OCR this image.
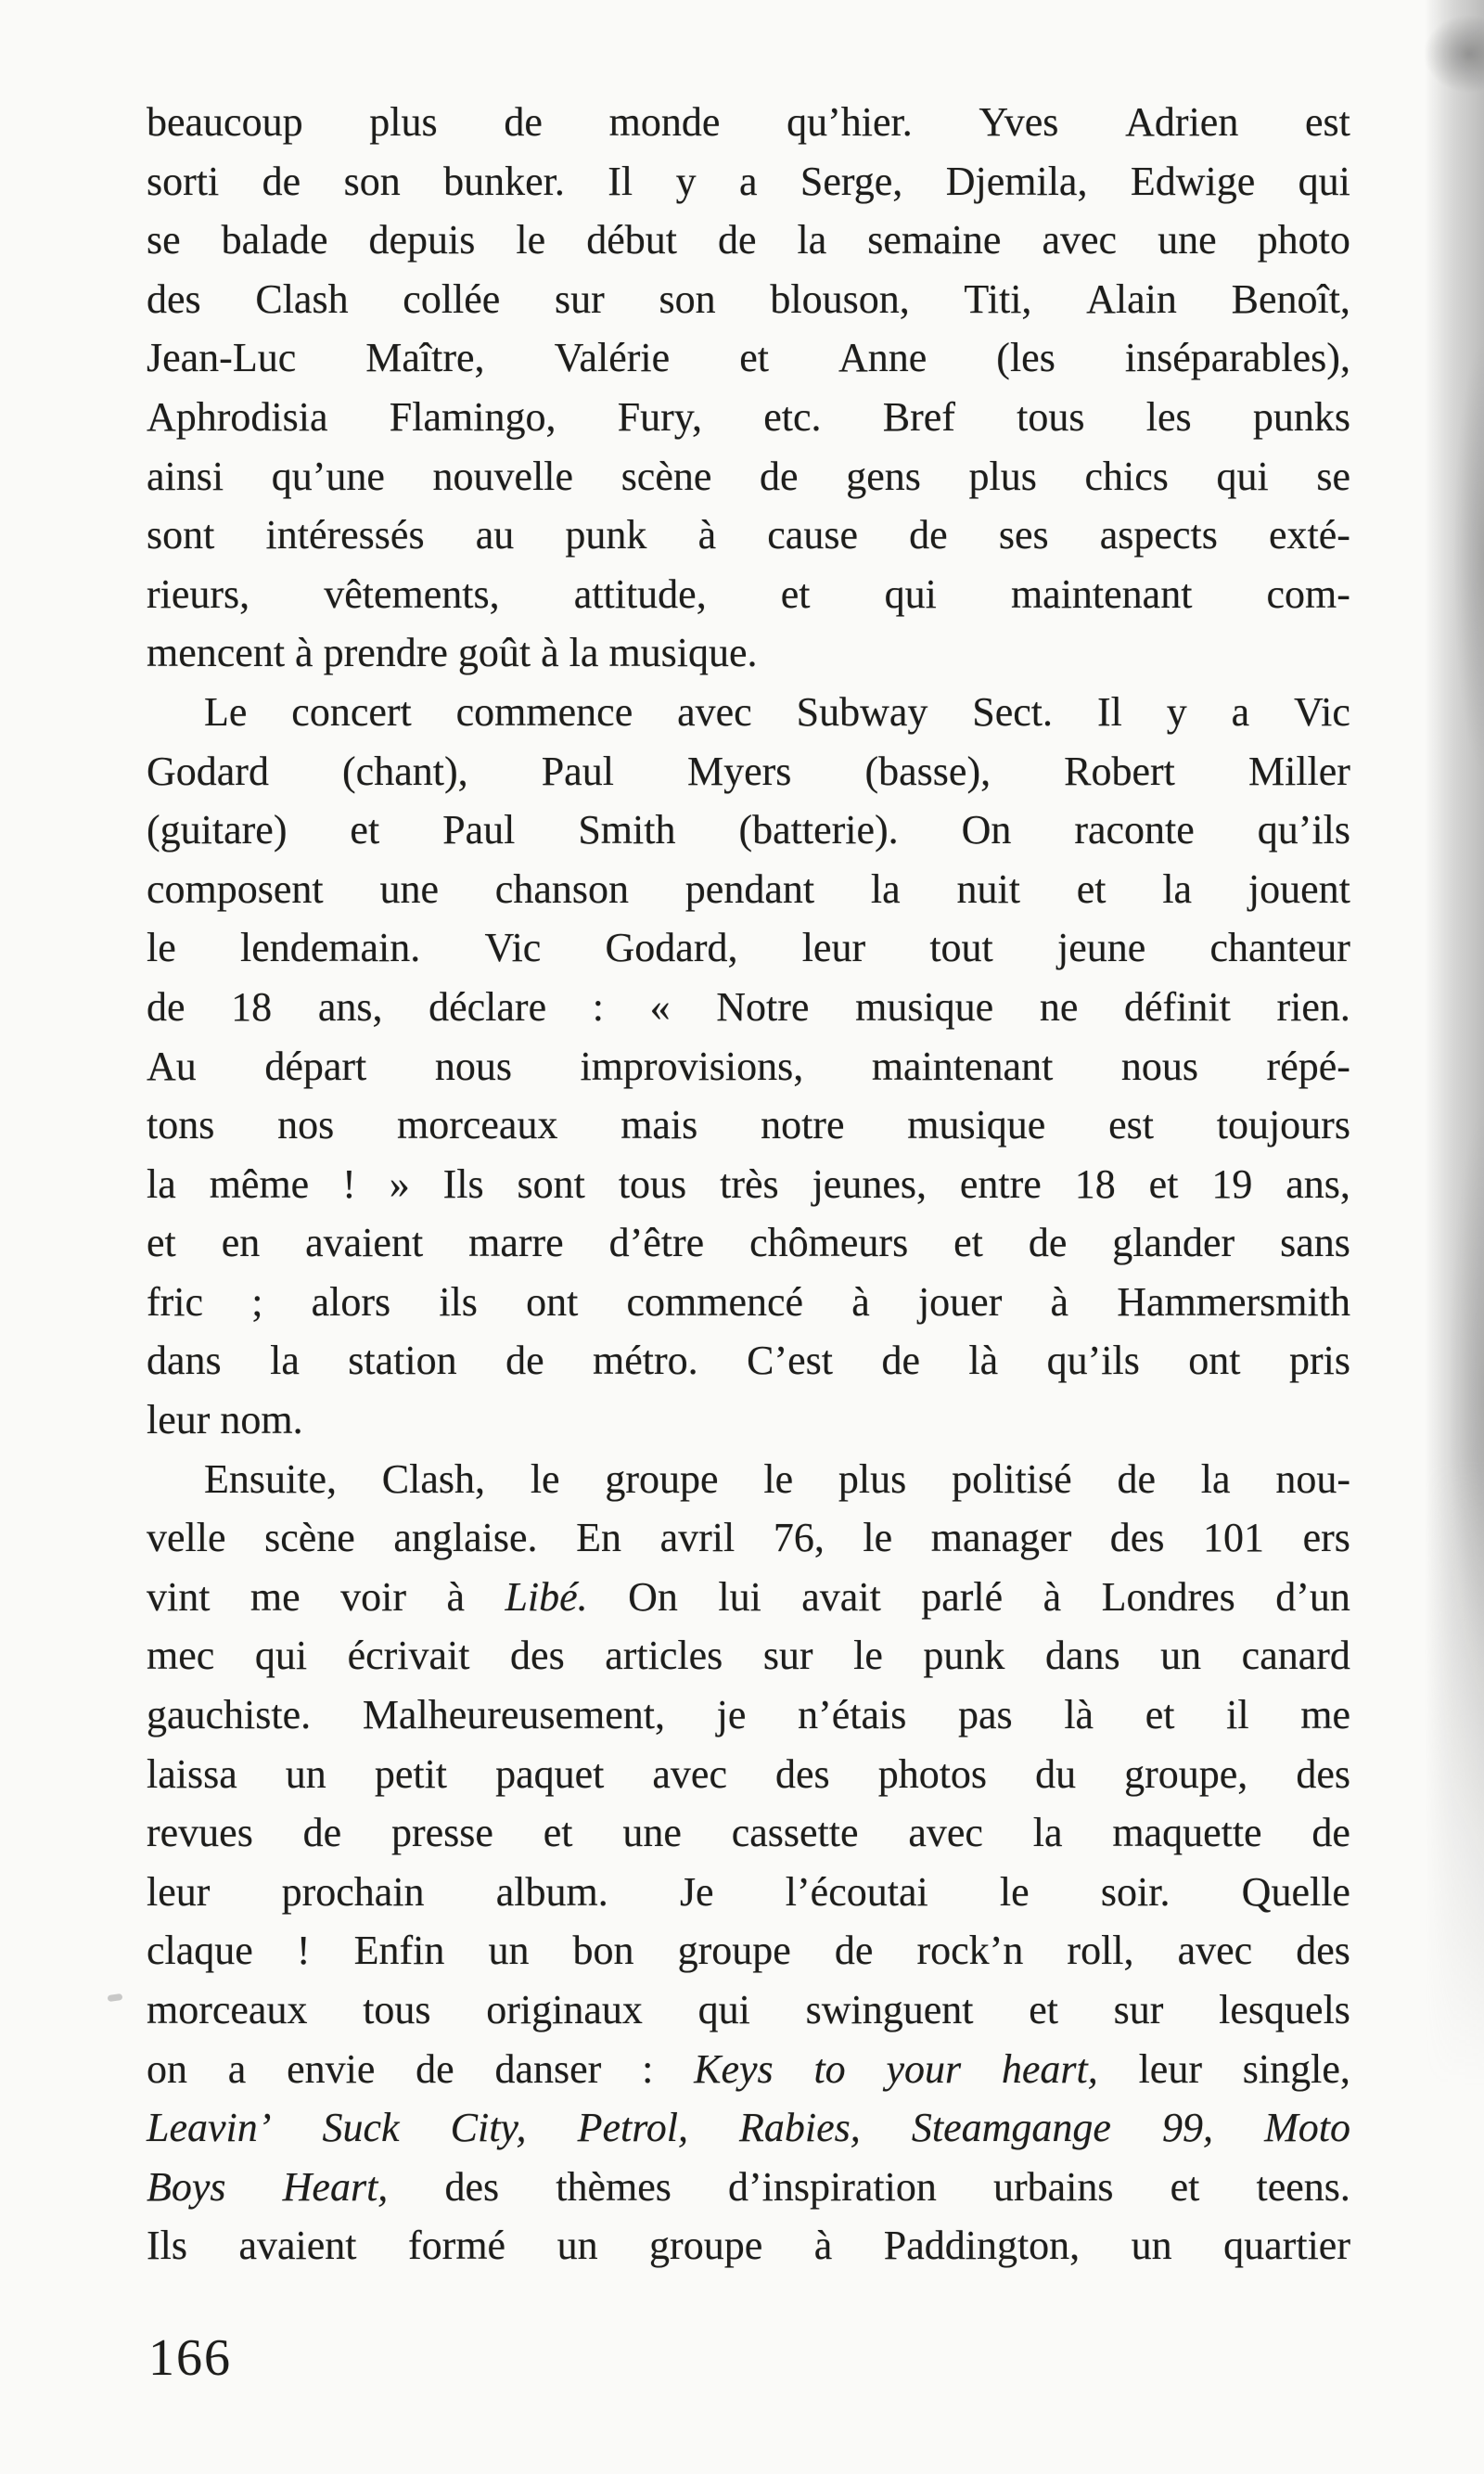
beaucoup plus de monde qu’hier. Yves Adrien est
sorti de son bunker. Il y a Serge, Djemila, Edwige qui
se balade depuis le début de la semaine avec une photo
des Clash collée sur son blouson, Titi, Alain Benoît,
Jean-Luc Maître, Valérie et Anne (les inséparables),
Aphrodisia Flamingo, Fury, etc. Bref tous les punks
ainsi qu’une nouvelle scène de gens plus chics qui se
sont intéressés au punk à cause de ses aspects exté-
rieurs, vêtements, attitude, et qui maintenant com-
mencent à prendre goût à la musique.
Le concert commence avec Subway Sect. Il y a Vic
Godard (chant), Paul Myers (basse), Robert Miller
(guitare) et Paul Smith (batterie). On raconte qu’ils
composent une chanson pendant la nuit et la jouent
le lendemain. Vic Godard, leur tout jeune chanteur
de 18 ans, déclare : « Notre musique ne définit rien.
Au départ nous improvisions, maintenant nous répé-
tons nos morceaux mais notre musique est toujours
la même ! » Ils sont tous très jeunes, entre 18 et 19 ans,
et en avaient marre d’être chômeurs et de glander sans
fric ; alors ils ont commencé à jouer à Hammersmith
dans la station de métro. C’est de là qu’ils ont pris
leur nom.
Ensuite, Clash, le groupe le plus politisé de la nou-
velle scène anglaise. En avril 76, le manager des 101 ers
vint me voir à Libé. On lui avait parlé à Londres d’un
mec qui écrivait des articles sur le punk dans un canard
gauchiste. Malheureusement, je n’étais pas là et il me
laissa un petit paquet avec des photos du groupe, des
revues de presse et une cassette avec la maquette de
leur prochain album. Je l’écoutai le soir. Quelle
claque ! Enfin un bon groupe de rock’n roll, avec des
morceaux tous originaux qui swinguent et sur lesquels
on a envie de danser : Keys to your heart, leur single,
Leavin’ Suck City, Petrol, Rabies, Steamgange 99, Moto
Boys Heart, des thèmes d’inspiration urbains et teens.
Ils avaient formé un groupe à Paddington, un quartier
166
